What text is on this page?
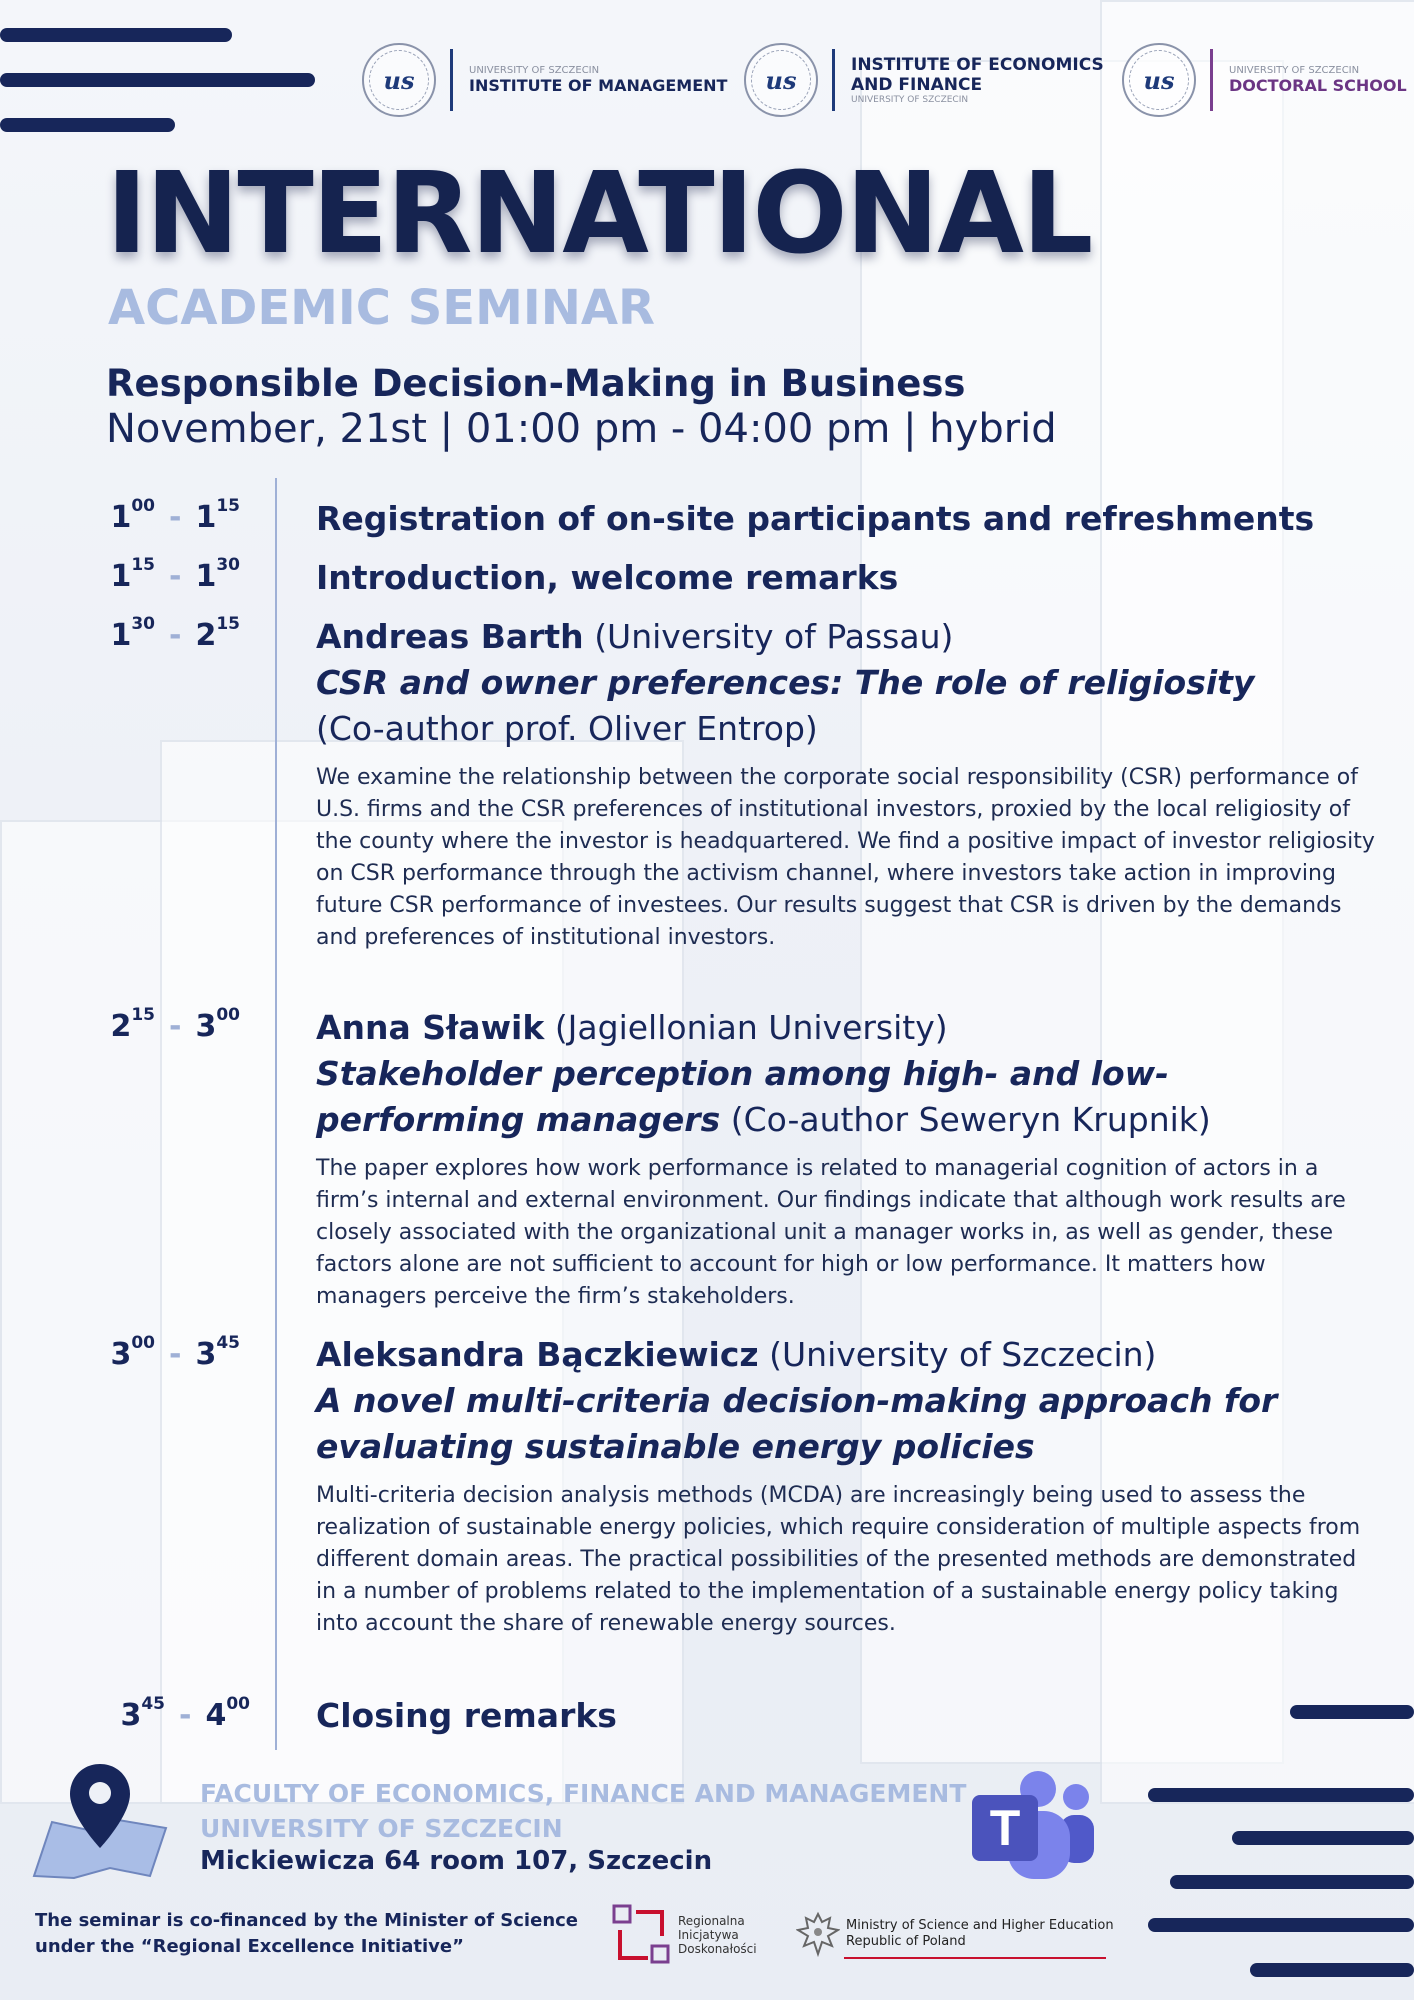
us	UNIVERSITY OF SZCZECIN
INSTITUTE OF MANAGEMENT us
INSTITUTE OF ECONOMICS
AND FINANCE
UNIVERSITY OF SZCZECIN
us	UNIVERSITY OF SZCZECIN
DOCTORAL SCHOOL
INTERNATIONAL
ACADEMIC SEMINAR
Responsible Decision-Making in Business
November, 21st | 01:00 pm - 04:00 pm | hybrid
$1^{00} - 1^{15}$ Registration of on-site participants and refreshments
$1^{15} - 1^{30}$ Introduction, welcome remarks
$1^{30} - 2^{15}$ Andreas Barth (University of Passau)
CSR and owner preferences: The role of religiosity
(Co-author prof. Oliver Entrop)
We examine the relationship between the corporate social responsibility (CSR) performance of U.S. firms and the CSR preferences of institutional investors, proxied by the local religiosity of the county where the investor is headquartered. We find a positive impact of investor religiosity on CSR performance through the activism channel, where investors take action in improving future CSR performance of investees. Our results suggest that CSR is driven by the demands and preferences of institutional investors.
$2^{15} - 3^{00}$ Anna Sławik (Jagiellonian University)
Stakeholder perception among high- and low-performing managers (Co-author Seweryn Krupnik)
The paper explores how work performance is related to managerial cognition of actors in a firm’s internal and external environment. Our findings indicate that although work results are closely associated with the organizational unit a manager works in, as well as gender, these factors alone are not sufficient to account for high or low performance. It matters how managers perceive the firm’s stakeholders.
$3^{00} - 3^{45}$ Aleksandra Bączkiewicz (University of Szczecin)
A novel multi-criteria decision-making approach for evaluating sustainable energy policies
Multi-criteria decision analysis methods (MCDA) are increasingly being used to assess the realization of sustainable energy policies, which require consideration of multiple aspects from different domain areas. The practical possibilities of the presented methods are demonstrated in a number of problems related to the implementation of a sustainable energy policy taking into account the share of renewable energy sources.
$3^{45} - 4^{00}$ Closing remarks
FACULTY OF ECONOMICS, FINANCE AND MANAGEMENT
UNIVERSITY OF SZCZECIN
Mickiewicza 64 room 107, Szczecin
T
The seminar is co-financed by the Minister of Science
under the “Regional Excellence Initiative”
Regionalna
Inicjatywa
Doskonałości
Ministry of Science and Higher Education
Republic of Poland
